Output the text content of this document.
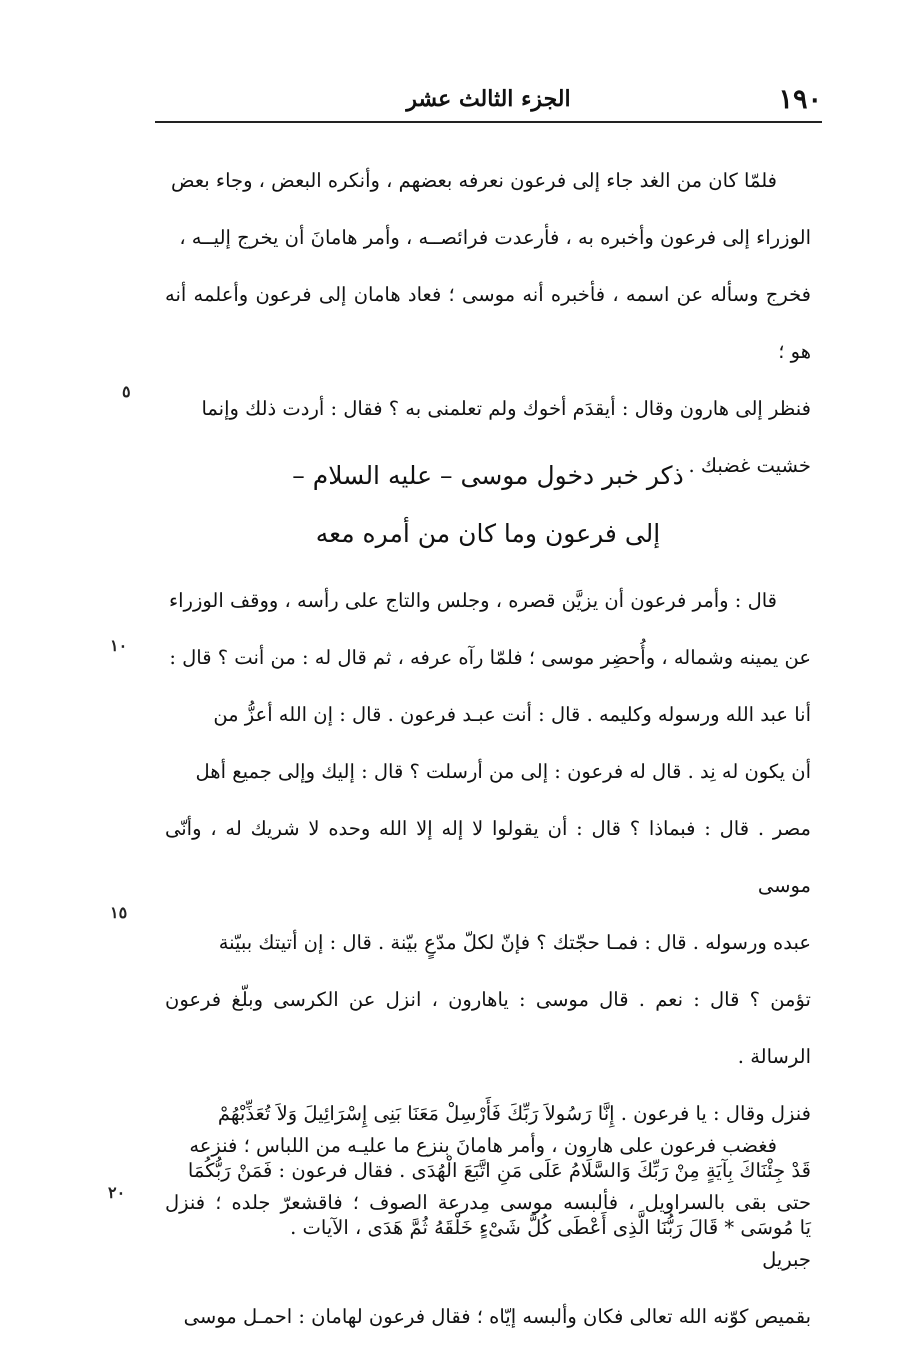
١٩٠
الجزء الثالث عشر

فلمّا كان من الغد جاء إلى فرعون نعرفه بعضهم ، وأنكره البعض ، وجاء بعض

الوزراء إلى فرعون وأخبره به ، فأرعدت فرائصــه ، وأمر هامانَ أن يخرج إليــه ،

فخرج وسأله عن اسمه ، فأخبره أنه موسى ؛ فعاد هامان إلى فرعون وأعلمه أنه هو ؛

فنظر إلى هارون وقال : أيقدَم أخوك ولم تعلمنى به ؟ فقال : أردت ذلك وإنما

خشيت غضبك .

ذكر خبر دخول موسى – عليه السلام –
إلى فرعون وما كان من أمره معه

قال : وأمر فرعون أن يزيَّن قصره ، وجلس والتاج على رأسه ، ووقف الوزراء

عن يمينه وشماله ، وأُحضِر موسى ؛ فلمّا رآه عرفه ، ثم قال له : من أنت ؟ قال :

أنا عبد الله ورسوله وكليمه . قال : أنت عبـد فرعون . قال : إن الله أعزُّ من

أن يكون له نِد . قال له فرعون : إلى من أرسلت ؟ قال : إليك وإلى جميع أهل

مصر . قال : فبماذا ؟ قال : أن يقولوا لا إله إلا الله وحده لا شريك له ، وأنّى موسى

عبده ورسوله . قال : فمـا حجّتك ؟ فإنّ لكلّ مدّعٍ بيّنة . قال : إن أتيتك ببيّنة

تؤمن ؟ قال : نعم . قال موسى : ياهارون ، انزل عن الكرسى وبلّغ فرعون الرسالة .

فنزل وقال : يا فرعون . إِنَّا رَسُولاَ رَبِّكَ فَأَرْسِلْ مَعَنَا بَنِى إِسْرَائِيلَ وَلاَ تُعَذِّبْهُمْ

قَدْ جِئْنَاكَ بِآيَةٍ مِنْ رَبِّكَ وَالسَّلَامُ عَلَى مَنِ اتَّبَعَ الْهُدَى . فقال فرعون : فَمَنْ رَبُّكُمَا

يَا مُوسَى * قَالَ رَبُّنَا الَّذِى أَعْطَى كُلَّ شَىْءٍ خَلْقَهُ ثُمَّ هَدَى ، الآيات .

فغضب فرعون على هارون ، وأمر هامانَ بنزع ما عليـه من اللباس ؛ فنزعه

حتى بقى بالسراويل ، فألبسه موسى مِدرعة الصوف ؛ فاقشعرّ جلده ؛ فنزل جبريل

بقميص كوّنه الله تعالى فكان وألبسه إيّاه ؛ فقال فرعون لهامان : احمـل موسى

٥
١٠
١٥
٢٠
